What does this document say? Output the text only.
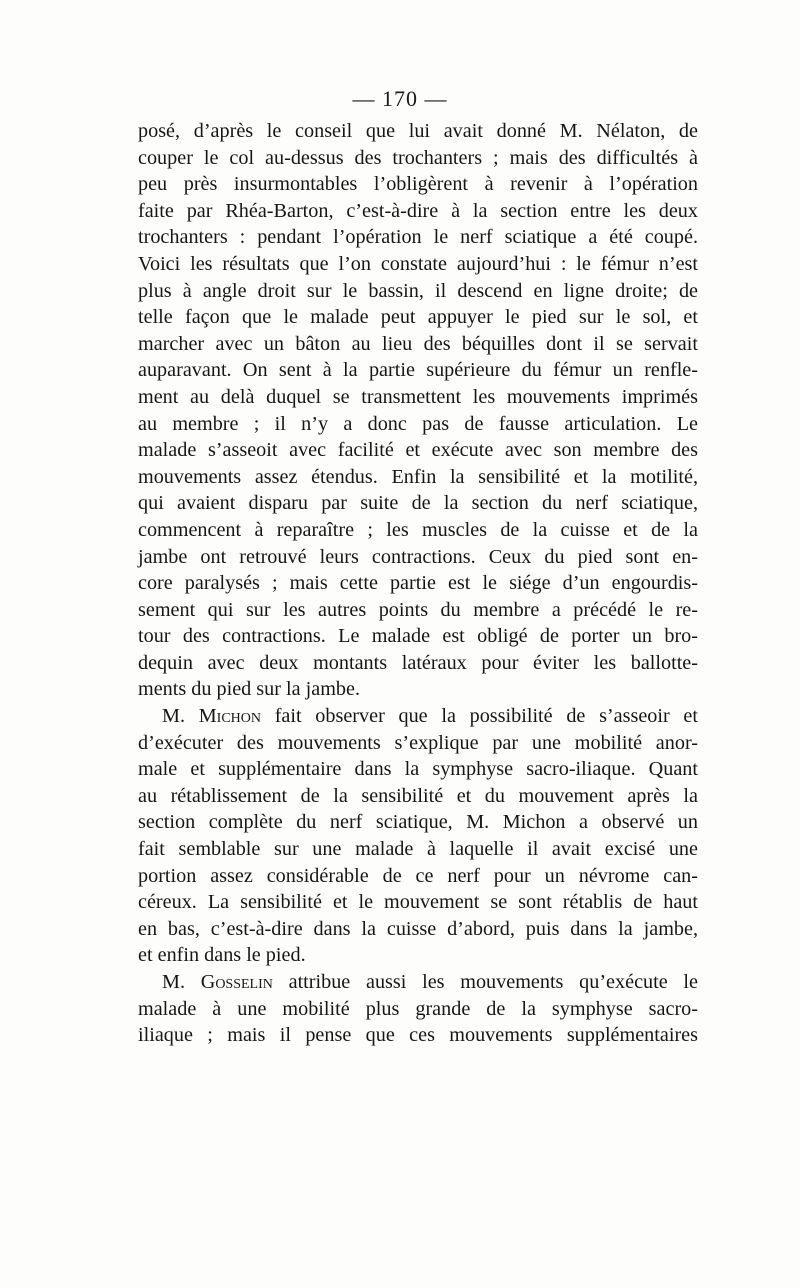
— 170 —
posé, d’après le conseil que lui avait donné M. Nélaton, de
couper le col au-dessus des trochanters ; mais des difficultés à
peu près insurmontables l’obligèrent à revenir à l’opération
faite par Rhéa-Barton, c’est-à-dire à la section entre les deux
trochanters : pendant l’opération le nerf sciatique a été coupé.
Voici les résultats que l’on constate aujourd’hui : le fémur n’est
plus à angle droit sur le bassin, il descend en ligne droite; de
telle façon que le malade peut appuyer le pied sur le sol, et
marcher avec un bâton au lieu des béquilles dont il se servait
auparavant. On sent à la partie supérieure du fémur un renfle-
ment au delà duquel se transmettent les mouvements imprimés
au membre ; il n’y a donc pas de fausse articulation. Le
malade s’asseoit avec facilité et exécute avec son membre des
mouvements assez étendus. Enfin la sensibilité et la motilité,
qui avaient disparu par suite de la section du nerf sciatique,
commencent à reparaître ; les muscles de la cuisse et de la
jambe ont retrouvé leurs contractions. Ceux du pied sont en-
core paralysés ; mais cette partie est le siége d’un engourdis-
sement qui sur les autres points du membre a précédé le re-
tour des contractions. Le malade est obligé de porter un bro-
dequin avec deux montants latéraux pour éviter les ballotte-
ments du pied sur la jambe.
M. Michon fait observer que la possibilité de s’asseoir et
d’exécuter des mouvements s’explique par une mobilité anor-
male et supplémentaire dans la symphyse sacro-iliaque. Quant
au rétablissement de la sensibilité et du mouvement après la
section complète du nerf sciatique, M. Michon a observé un
fait semblable sur une malade à laquelle il avait excisé une
portion assez considérable de ce nerf pour un névrome can-
céreux. La sensibilité et le mouvement se sont rétablis de haut
en bas, c’est-à-dire dans la cuisse d’abord, puis dans la jambe,
et enfin dans le pied.
M. Gosselin attribue aussi les mouvements qu’exécute le
malade à une mobilité plus grande de la symphyse sacro-
iliaque ; mais il pense que ces mouvements supplémentaires
